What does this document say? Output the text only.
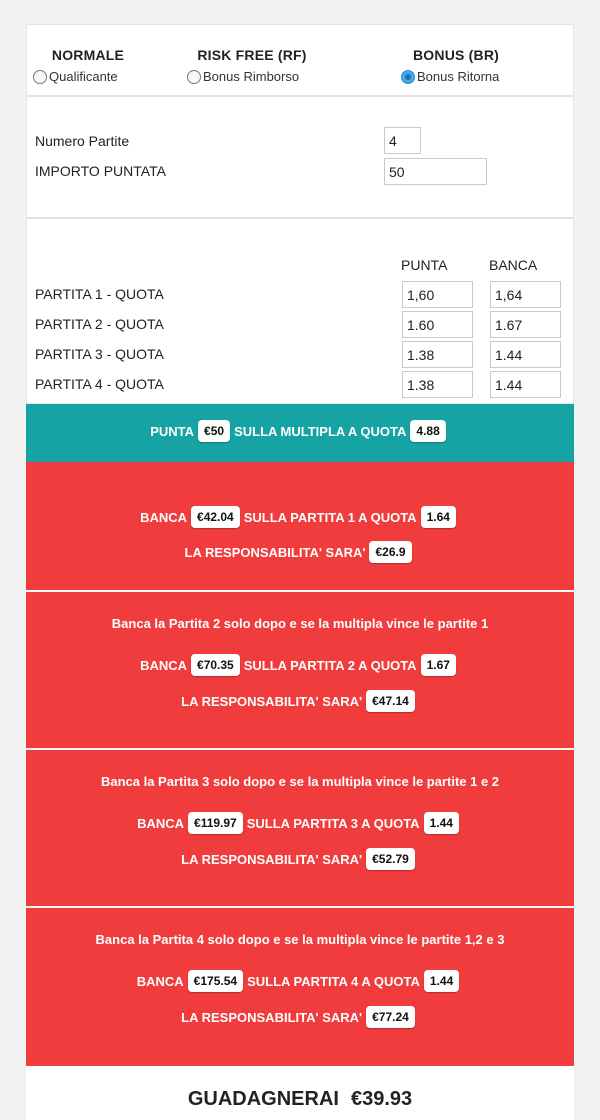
NORMALE
Qualificante
RISK FREE (RF)
Bonus Rimborso
BONUS (BR)
Bonus Ritorna
Numero Partite
4
IMPORTO PUNTATA
50
PUNTA	BANCA
PARTITA 1 - QUOTA
1,60
1,64
PARTITA 2 - QUOTA
1.60
1.67
PARTITA 3 - QUOTA
1.38
1.44
PARTITA 4 - QUOTA
1.38
1.44
PUNTA €50 SULLA MULTIPLA A QUOTA 4.88
BANCA €42.04 SULLA PARTITA 1 A QUOTA 1.64
LA RESPONSABILITA' SARA' €26.9
Banca la Partita 2 solo dopo e se la multipla vince le partite 1
BANCA €70.35 SULLA PARTITA 2 A QUOTA 1.67
LA RESPONSABILITA' SARA' €47.14
Banca la Partita 3 solo dopo e se la multipla vince le partite 1 e 2
BANCA €119.97 SULLA PARTITA 3 A QUOTA 1.44
LA RESPONSABILITA' SARA' €52.79
Banca la Partita 4 solo dopo e se la multipla vince le partite 1,2 e 3
BANCA €175.54 SULLA PARTITA 4 A QUOTA 1.44
LA RESPONSABILITA' SARA' €77.24
GUADAGNERAI €39.93
